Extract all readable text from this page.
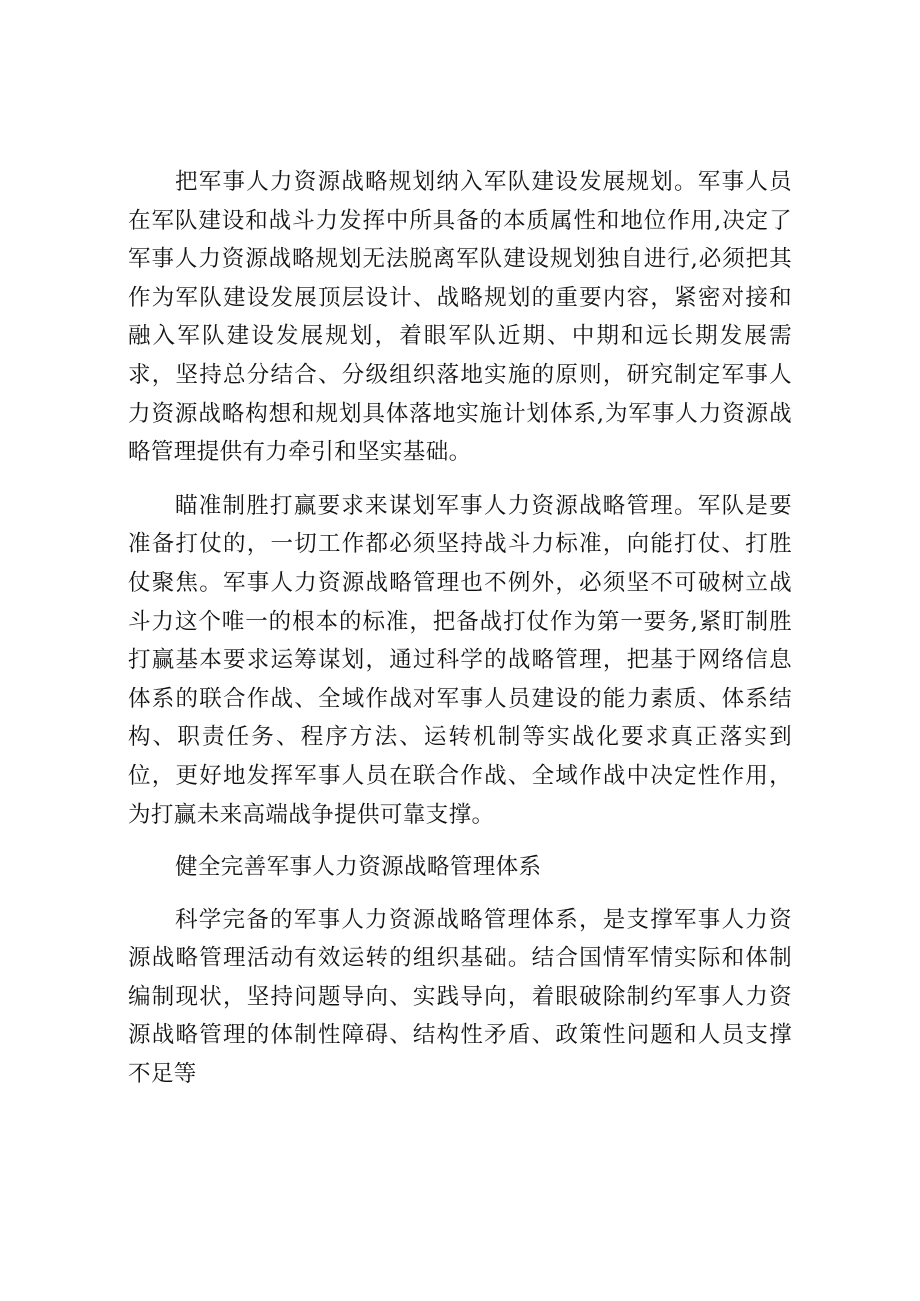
把军事人力资源战略规划纳入军队建设发展规划。军事人员在军队建设和战斗力发挥中所具备的本质属性和地位作用,决定了军事人力资源战略规划无法脱离军队建设规划独自进行,必须把其作为军队建设发展顶层设计、战略规划的重要内容，紧密对接和融入军队建设发展规划，着眼军队近期、中期和远长期发展需求，坚持总分结合、分级组织落地实施的原则，研究制定军事人力资源战略构想和规划具体落地实施计划体系,为军事人力资源战略管理提供有力牵引和坚实基础。

瞄准制胜打赢要求来谋划军事人力资源战略管理。军队是要准备打仗的，一切工作都必须坚持战斗力标准，向能打仗、打胜仗聚焦。军事人力资源战略管理也不例外，必须坚不可破树立战斗力这个唯一的根本的标准，把备战打仗作为第一要务,紧盯制胜打赢基本要求运筹谋划，通过科学的战略管理，把基于网络信息体系的联合作战、全域作战对军事人员建设的能力素质、体系结构、职责任务、程序方法、运转机制等实战化要求真正落实到位，更好地发挥军事人员在联合作战、全域作战中决定性作用，为打赢未来高端战争提供可靠支撑。

健全完善军事人力资源战略管理体系

科学完备的军事人力资源战略管理体系，是支撑军事人力资源战略管理活动有效运转的组织基础。结合国情军情实际和体制编制现状，坚持问题导向、实践导向，着眼破除制约军事人力资源战略管理的体制性障碍、结构性矛盾、政策性问题和人员支撑不足等
